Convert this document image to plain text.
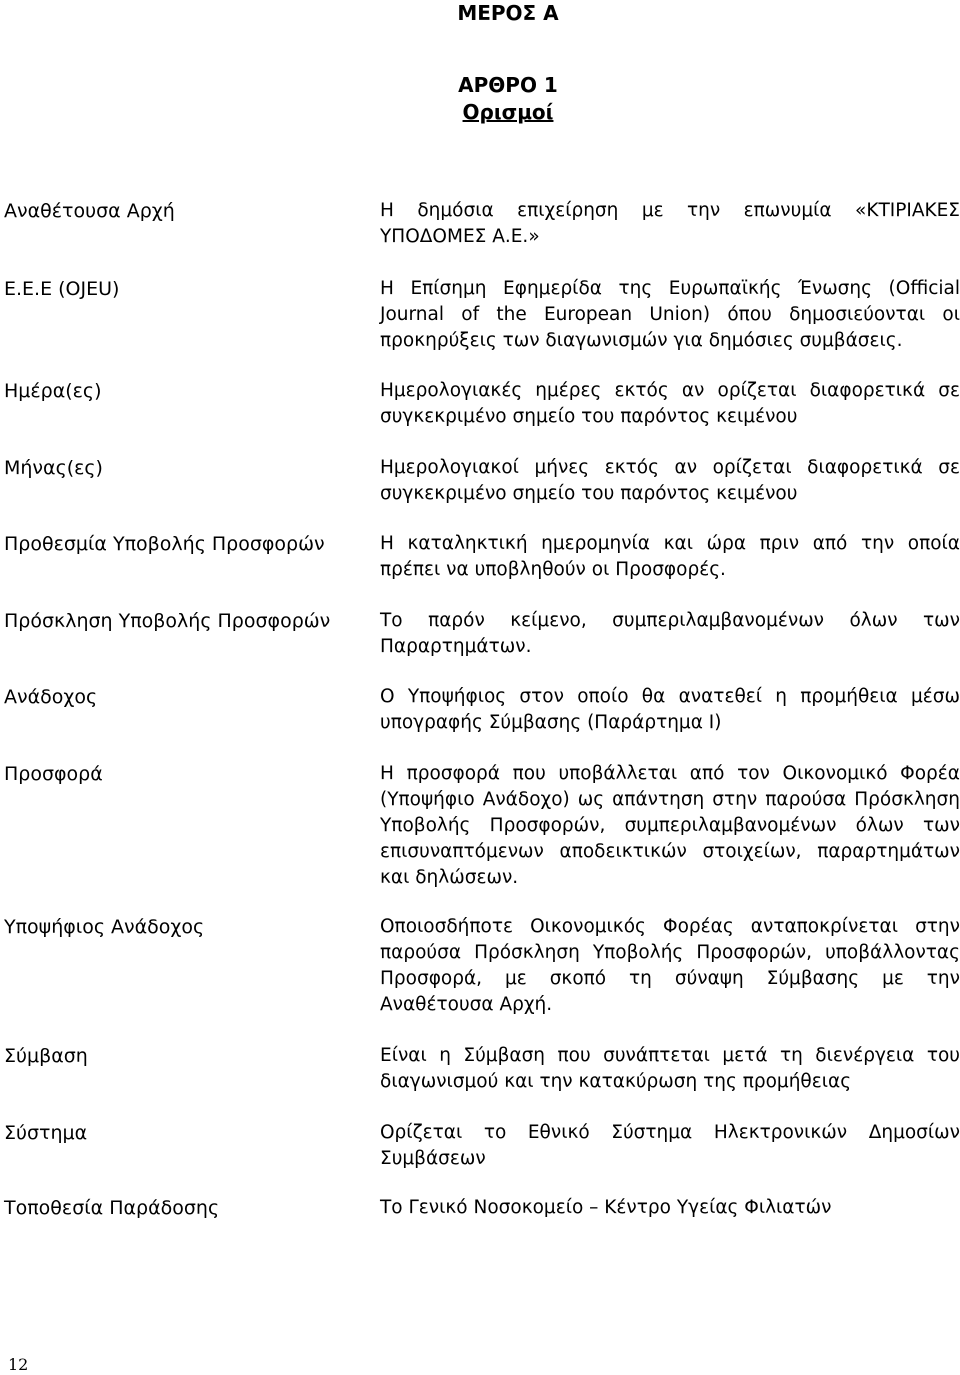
ΜΕΡΟΣ Α
ΑΡΘΡΟ 1
Ορισμοί
Αναθέτουσα Αρχή	Η δημόσια επιχείρηση με την επωνυμία «ΚΤΙΡΙΑΚΕΣ ΥΠΟΔΟΜΕΣ Α.Ε.»
Ε.Ε.Ε (OJEU)	Η Επίσημη Εφημερίδα της Ευρωπαϊκής Ένωσης (Official Journal of the European Union) όπου δημοσιεύονται οι προκηρύξεις των διαγωνισμών για δημόσιες συμβάσεις.
Ημέρα(ες)	Ημερολογιακές ημέρες εκτός αν ορίζεται διαφορετικά σε συγκεκριμένο σημείο του παρόντος κειμένου
Μήνας(ες)	Ημερολογιακοί μήνες εκτός αν ορίζεται διαφορετικά σε συγκεκριμένο σημείο του παρόντος κειμένου
Προθεσμία Υποβολής Προσφορών	Η καταληκτική ημερομηνία και ώρα πριν από την οποία πρέπει να υποβληθούν οι Προσφορές.
Πρόσκληση Υποβολής Προσφορών	Το παρόν κείμενο, συμπεριλαμβανομένων όλων των Παραρτημάτων.
Ανάδοχος	Ο Υποψήφιος στον οποίο θα ανατεθεί η προμήθεια μέσω υπογραφής Σύμβασης (Παράρτημα Ι)
Προσφορά	Η προσφορά που υποβάλλεται από τον Οικονομικό Φορέα (Υποψήφιο Ανάδοχο) ως απάντηση στην παρούσα Πρόσκληση Υποβολής Προσφορών, συμπεριλαμβανομένων όλων των επισυναπτόμενων αποδεικτικών στοιχείων, παραρτημάτων και δηλώσεων.
Υποψήφιος Ανάδοχος	Οποιοσδήποτε Οικονομικός Φορέας ανταποκρίνεται στην παρούσα Πρόσκληση Υποβολής Προσφορών, υποβάλλοντας Προσφορά, με σκοπό τη σύναψη Σύμβασης με την Αναθέτουσα Αρχή.
Σύμβαση	Είναι η Σύμβαση που συνάπτεται μετά τη διενέργεια του διαγωνισμού και την κατακύρωση της προμήθειας
Σύστημα	Ορίζεται το Εθνικό Σύστημα Ηλεκτρονικών Δημοσίων Συμβάσεων
Τοποθεσία Παράδοσης	Το Γενικό Νοσοκομείο – Κέντρο Υγείας Φιλιατών
12
